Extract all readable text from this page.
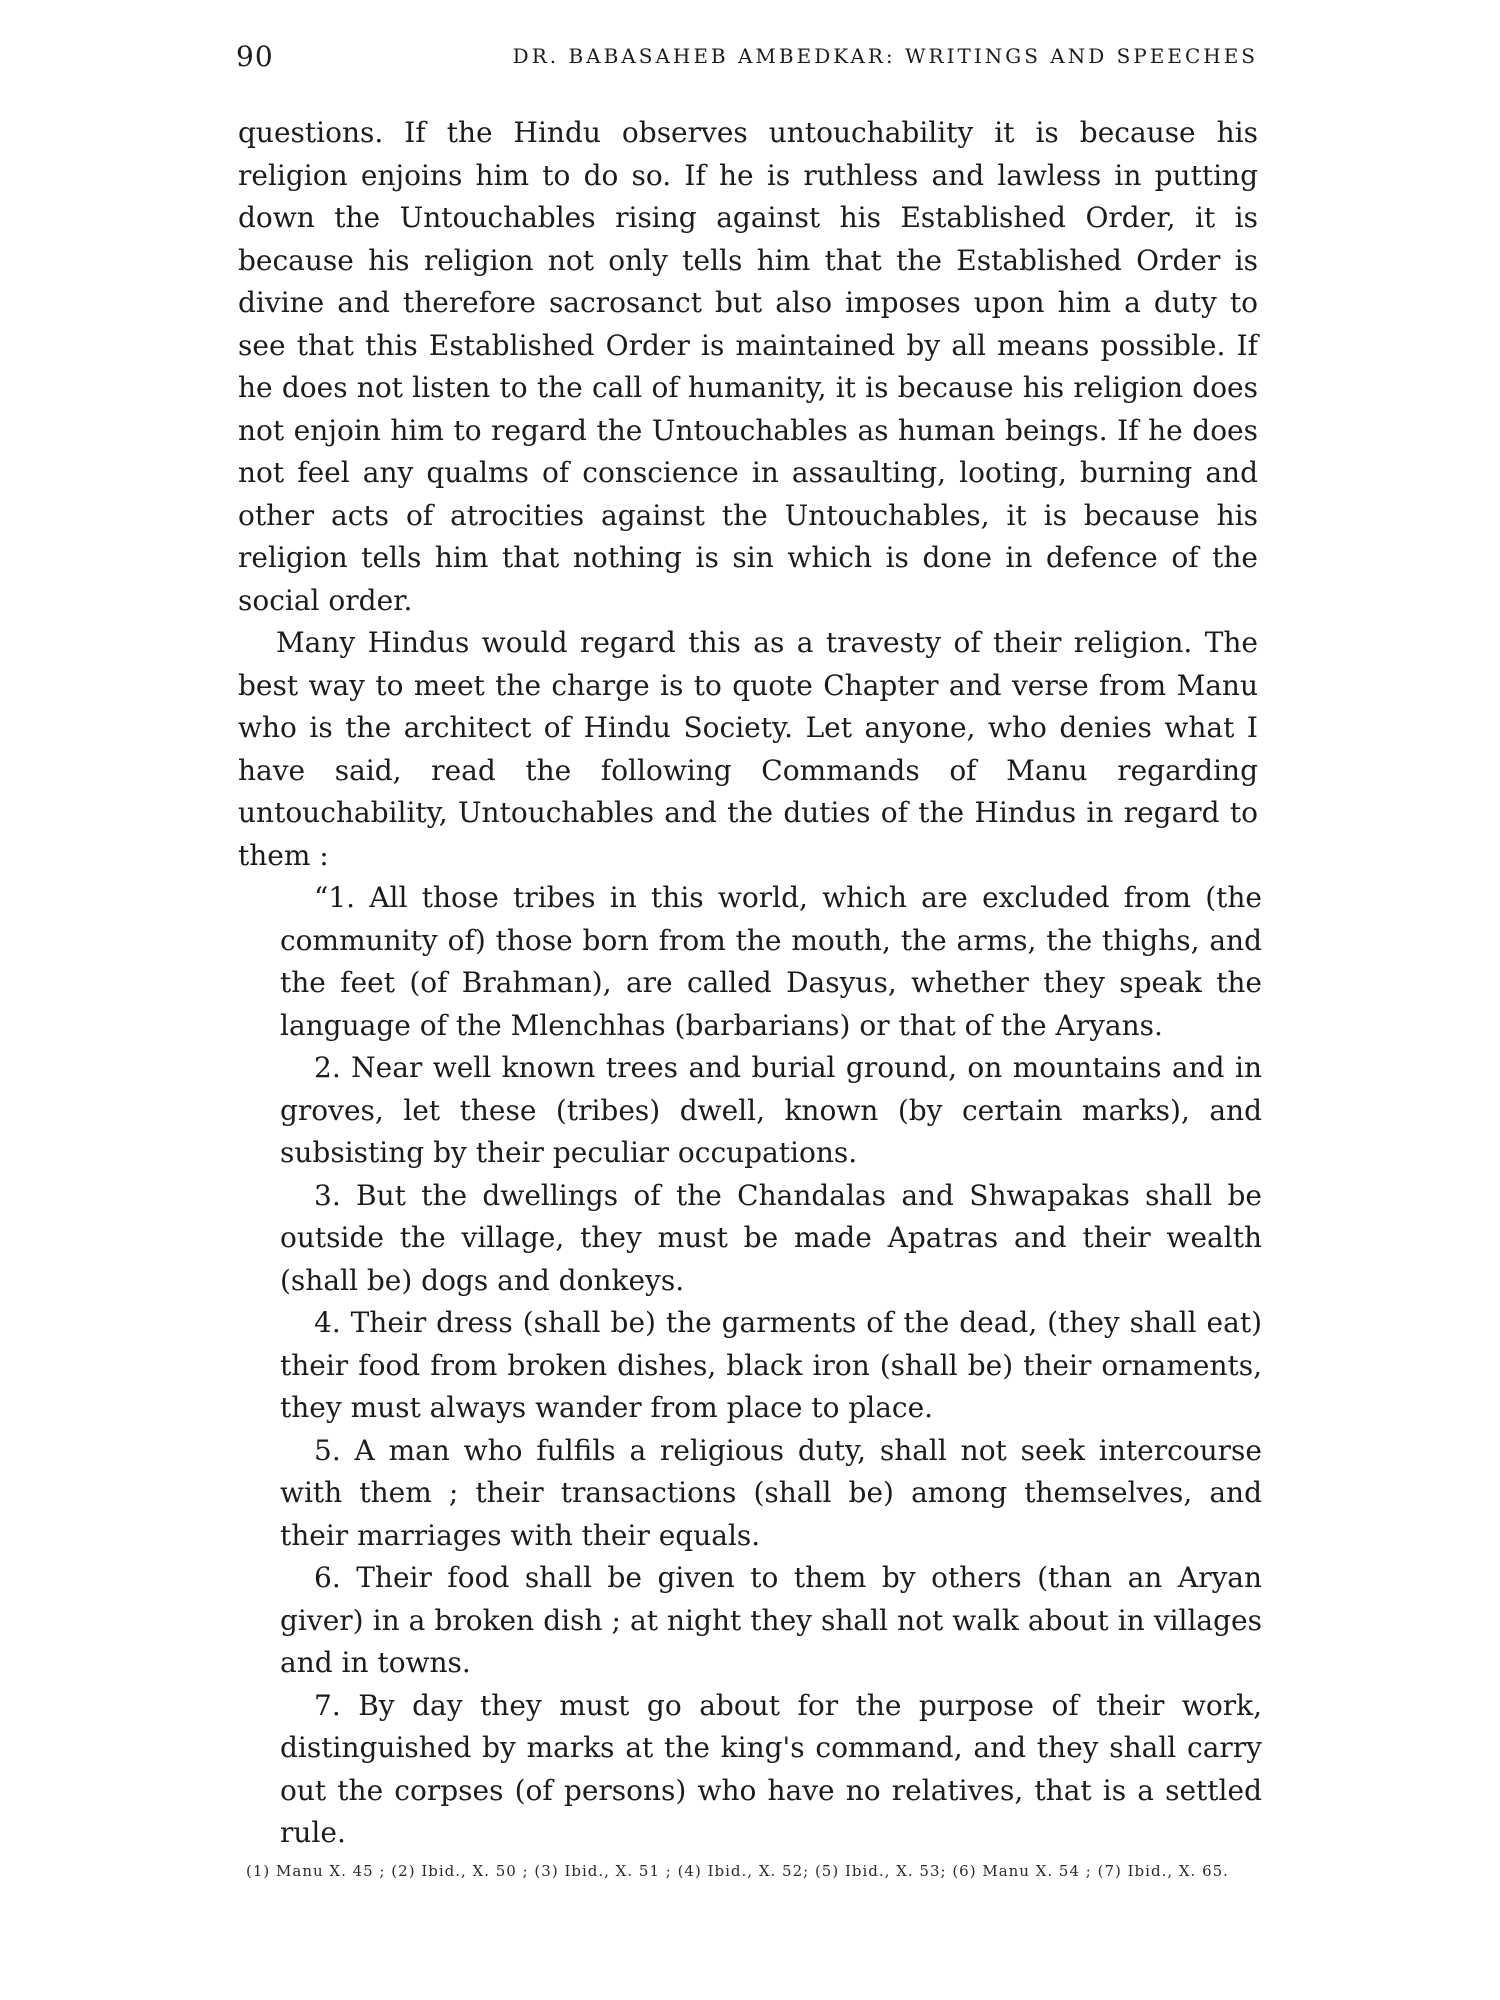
90	DR. BABASAHEB AMBEDKAR: WRITINGS AND SPEECHES

questions. If the Hindu observes untouchability it is because his religion enjoins him to do so. If he is ruthless and lawless in putting down the Untouchables rising against his Established Order, it is because his religion not only tells him that the Established Order is divine and therefore sacrosanct but also imposes upon him a duty to see that this Established Order is maintained by all means possible. If he does not listen to the call of humanity, it is because his religion does not enjoin him to regard the Untouchables as human beings. If he does not feel any qualms of conscience in assaulting, looting, burning and other acts of atrocities against the Untouchables, it is because his religion tells him that nothing is sin which is done in defence of the social order.

Many Hindus would regard this as a travesty of their religion. The best way to meet the charge is to quote Chapter and verse from Manu who is the architect of Hindu Society. Let anyone, who denies what I have said, read the following Commands of Manu regarding untouchability, Untouchables and the duties of the Hindus in regard to them :

“1. All those tribes in this world, which are excluded from (the community of) those born from the mouth, the arms, the thighs, and the feet (of Brahman), are called Dasyus, whether they speak the language of the Mlenchhas (barbarians) or that of the Aryans.

2. Near well known trees and burial ground, on mountains and in groves, let these (tribes) dwell, known (by certain marks), and subsisting by their peculiar occupations.

3. But the dwellings of the Chandalas and Shwapakas shall be outside the village, they must be made Apatras and their wealth (shall be) dogs and donkeys.

4. Their dress (shall be) the garments of the dead, (they shall eat) their food from broken dishes, black iron (shall be) their ornaments, they must always wander from place to place.

5. A man who fulfils a religious duty, shall not seek intercourse with them ; their transactions (shall be) among themselves, and their marriages with their equals.

6. Their food shall be given to them by others (than an Aryan giver) in a broken dish ; at night they shall not walk about in villages and in towns.

7. By day they must go about for the purpose of their work, distinguished by marks at the king's command, and they shall carry out the corpses (of persons) who have no relatives, that is a settled rule.

(1) Manu X. 45 ; (2) Ibid., X. 50 ; (3) Ibid., X. 51 ; (4) Ibid., X. 52; (5) Ibid., X. 53; (6) Manu X. 54 ; (7) Ibid., X. 65.
